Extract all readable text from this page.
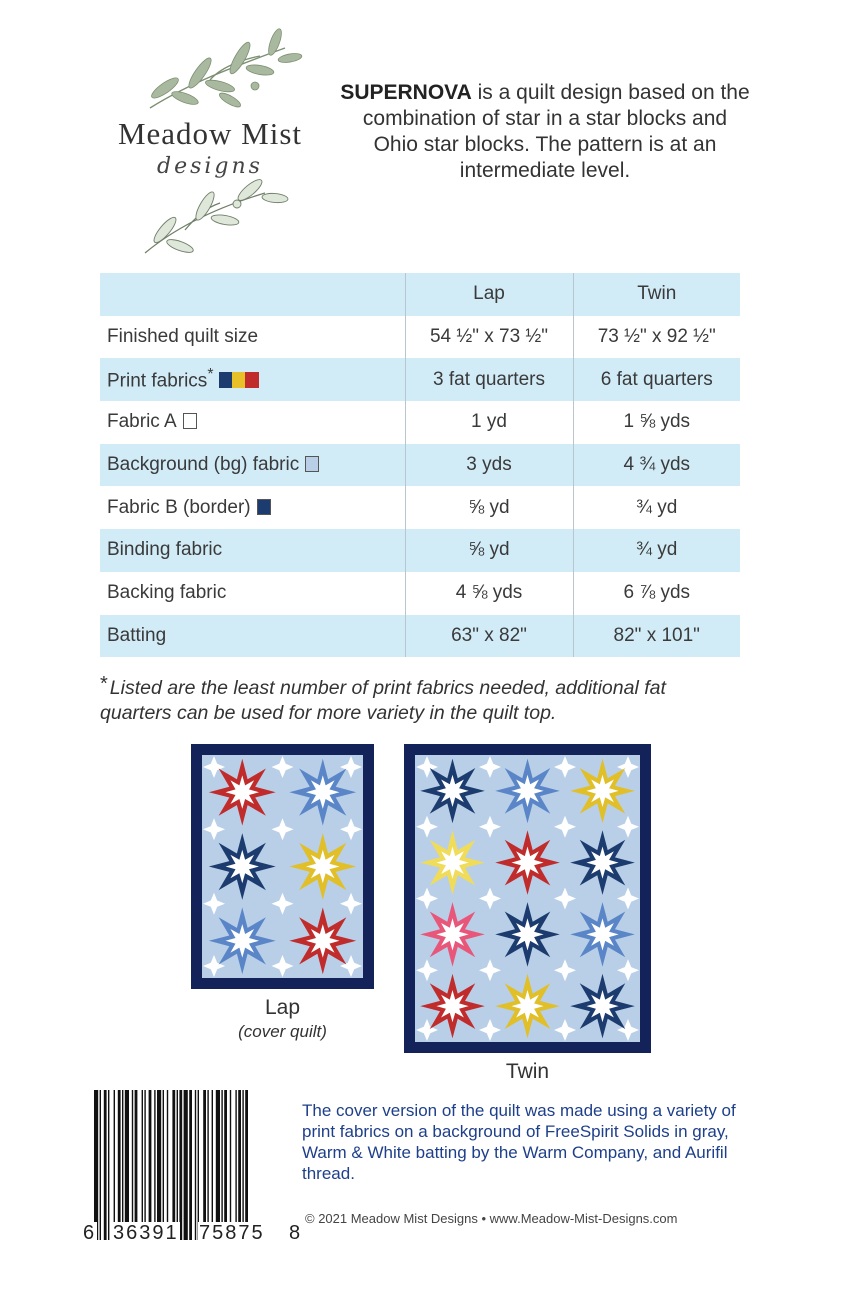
Meadow Mist
designs
SUPERNOVA is a quilt design based on the combination of star in a star blocks and Ohio star blocks. The pattern is at an intermediate level.
	Lap	Twin
Finished quilt size	54 ½" x 73 ½"	73 ½" x 92 ½"
Print fabrics*	3 fat quarters	6 fat quarters
Fabric A	1 yd	1 ⅝ yds
Background (bg) fabric	3 yds	4 ¾ yds
Fabric B (border)	⅝ yd	¾ yd
Binding fabric	⅝ yd	¾ yd
Backing fabric	4 ⅝ yds	6 ⅞ yds
Batting	63" x 82"	82" x 101"
* Listed are the least number of print fabrics needed, additional fat quarters can be used for more variety in the quilt top.
Lap
(cover quilt)
Twin
6 36391 75875 8
The cover version of the quilt was made using a variety of print fabrics on a background of FreeSpirit Solids in gray, Warm & White batting by the Warm Company, and Aurifil thread.
© 2021 Meadow Mist Designs • www.Meadow-Mist-Designs.com
